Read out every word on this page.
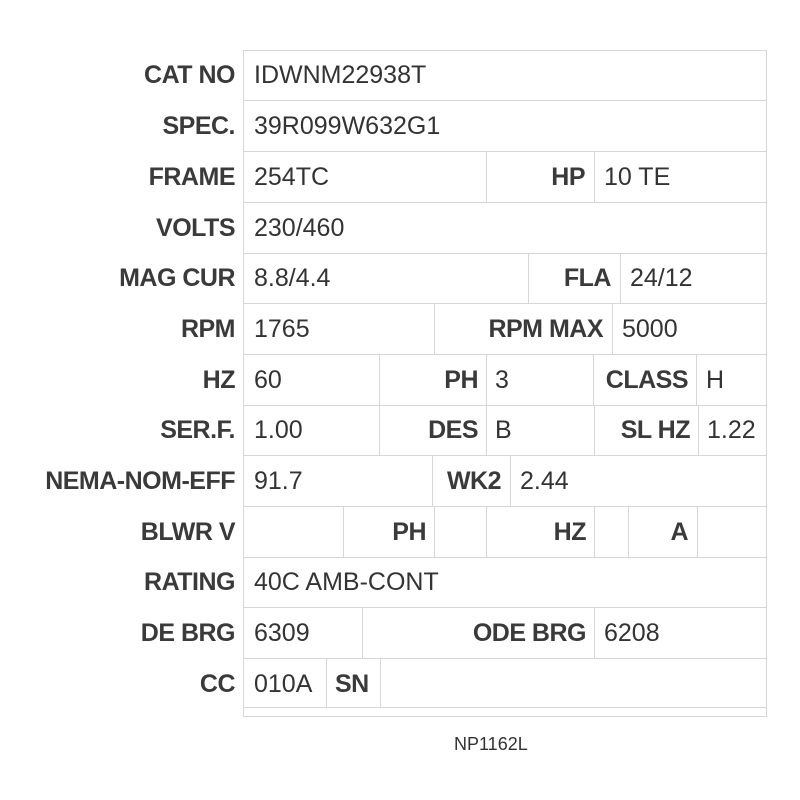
CAT NO IDWNM22938T
SPEC. 39R099W632G1
FRAME 254TC	HP 10 TE
VOLTS 230/460
MAG CUR 8.8/4.4	FLA 24/12
RPM 1765	RPM MAX 5000
HZ 60	PH 3	CLASS H
SER.F. 1.00	DES B	SL HZ 1.22
NEMA-NOM-EFF 91.7	WK2 2.44
BLWR V	PH	HZ	A
RATING 40C AMB-CONT
DE BRG 6309	ODE BRG 6208
CC 010A SN
NP1162L
